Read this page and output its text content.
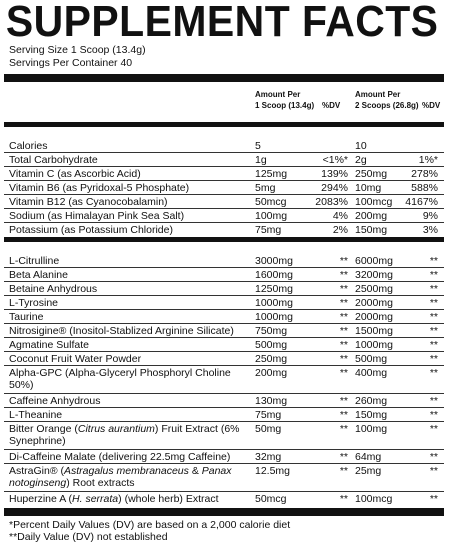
SUPPLEMENT FACTS
Serving Size 1 Scoop (13.4g)
Servings Per Container 40
Amount Per
1 Scoop (13.4g) %DV
Amount Per
2 Scoops (26.8g) %DV
Calories	5	10
Total Carbohydrate	1g	<1%* 2g	1%*
Vitamin C (as Ascorbic Acid)	125mg	139% 250mg	278%
Vitamin B6 (as Pyridoxal-5 Phosphate)	5mg	294% 10mg	588%
Vitamin B12 (as Cyanocobalamin)	50mcg	2083% 100mcg 4167%
Sodium (as Himalayan Pink Sea Salt)	100mg	4% 200mg	9%
Potassium (as Potassium Chloride)	75mg	2% 150mg	3%
L-Citrulline	3000mg	** 6000mg	**
Beta Alanine	1600mg	** 3200mg	**
Betaine Anhydrous	1250mg	** 2500mg	**
L-Tyrosine	1000mg	** 2000mg	**
Taurine	1000mg	** 2000mg	**
Nitrosigine® (Inositol-Stablized Arginine Silicate)	750mg	** 1500mg	**
Agmatine Sulfate	500mg	** 1000mg	**
Coconut Fruit Water Powder	250mg	** 500mg	**
Alpha-GPC (Alpha-Glyceryl Phosphoryl Choline 50%)
200mg	** 400mg	**
Caffeine Anhydrous	130mg	** 260mg	**
L-Theanine	75mg	** 150mg	**
Bitter Orange (Citrus aurantium) Fruit Extract (6% Synephrine)
50mg	** 100mg	**
Di-Caffeine Malate (delivering 22.5mg Caffeine)	32mg	** 64mg	**
AstraGin® (Astragalus membranaceus & Panax notoginseng) Root extracts
12.5mg	** 25mg	**
Huperzine A (H. serrata) (whole herb) Extract	50mcg	** 100mcg	**
*Percent Daily Values (DV) are based on a 2,000 calorie diet
**Daily Value (DV) not established
